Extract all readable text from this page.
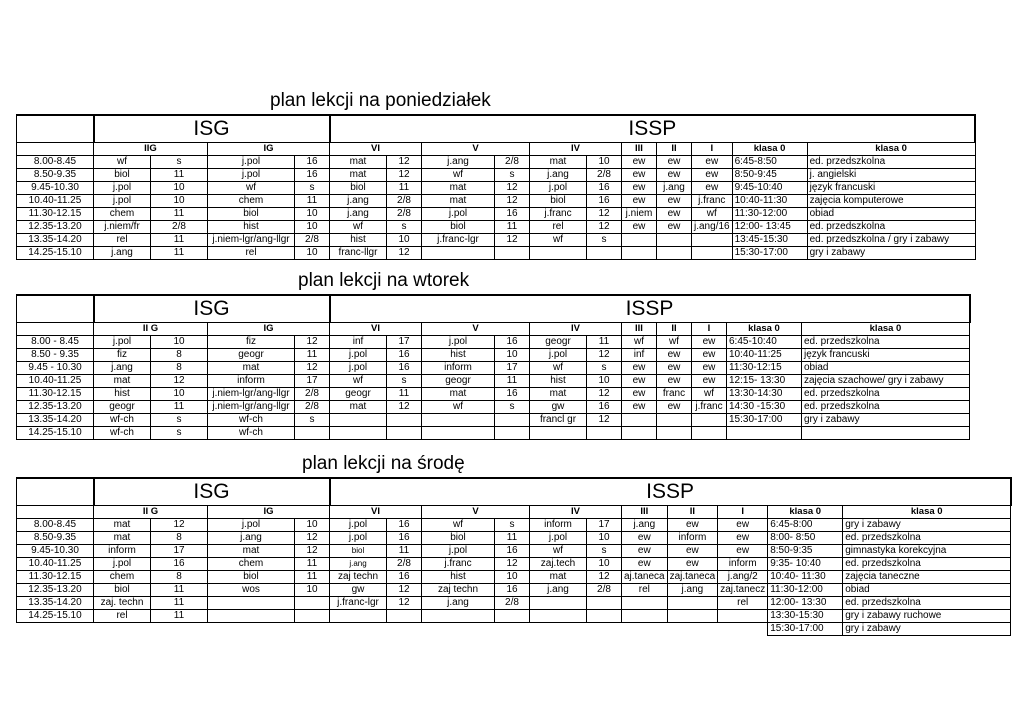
plan lekcji na poniedziałek
	ISG				ISSP										
	IIG		IG		VI		V		IV		III	II	I	klasa 0	klasa 0
8.00-8.45	wf	s	j.pol	16	mat	12	j.ang	2/8	mat	10	ew	ew	ew	6:45-8:50	ed. przedszkolna
8.50-9.35	biol	11	j.pol	16	mat	12	wf	s	j.ang	2/8	ew	ew	ew	8:50-9:45	j. angielski
9.45-10.30	j.pol	10	wf	s	biol	11	mat	12	j.pol	16	ew	j.ang	ew	9:45-10:40	język francuski
10.40-11.25	j.pol	10	chem	11	j.ang	2/8	mat	12	biol	16	ew	ew	j.franc	10:40-11:30	zajęcia komputerowe
11.30-12.15	chem	11	biol	10	j.ang	2/8	j.pol	16	j.franc	12	j.niem	ew	wf	11:30-12:00	obiad
12.35-13.20	j.niem/fr	2/8	hist	10	wf	s	biol	11	rel	12	ew	ew	j.ang/16	12:00- 13:45	ed. przedszkolna
13.35-14.20	rel	11	j.niem-lgr/ang-llgr	2/8	hist	10	j.franc-lgr	12	wf	s				13:45-15:30	ed. przedszkolna / gry i zabawy
14.25-15.10	j.ang	11	rel	10	franc-llgr	12								15:30-17:00	gry i zabawy
plan lekcji na wtorek
	ISG				ISSP										
	II G		IG		VI		V		IV		III	II	I	klasa 0	klasa 0
8.00 - 8.45	j.pol	10	fiz	12	inf	17	j.pol	16	geogr	11	wf	wf	ew	6:45-10:40	ed. przedszkolna
8.50 - 9.35	fiz	8	geogr	11	j.pol	16	hist	10	j.pol	12	inf	ew	ew	10:40-11:25	język francuski
9.45 - 10.30	j.ang	8	mat	12	j.pol	16	inform	17	wf	s	ew	ew	ew	11:30-12:15	obiad
10.40-11.25	mat	12	inform	17	wf	s	geogr	11	hist	10	ew	ew	ew	12:15- 13:30	zajęcia szachowe/ gry i zabawy
11.30-12.15	hist	10	j.niem-lgr/ang-llgr	2/8	geogr	11	mat	16	mat	12	ew	franc	wf	13:30-14:30	ed. przedszkolna
12.35-13.20	geogr	11	j.niem-lgr/ang-llgr	2/8	mat	12	wf	s	gw	16	ew	ew	j.franc	14:30 -15:30	ed. przedszkolna
13.35-14.20	wf-ch	s	wf-ch	s					francl gr	12				15:30-17:00	gry i zabawy
14.25-15.10	wf-ch	s	wf-ch												
plan lekcji na środę
	ISG				ISSP										
	II G		IG		VI		V		IV		III	II	I	klasa 0	klasa 0
8.00-8.45	mat	12	j.pol	10	j.pol	16	wf	s	inform	17	j.ang	ew	ew	6:45-8:00	gry i zabawy
8.50-9.35	mat	8	j.ang	12	j.pol	16	biol	11	j.pol	10	ew	inform	ew	8:00- 8:50	ed. przedszkolna
9.45-10.30	inform	17	mat	12	biol	11	j.pol	16	wf	s	ew	ew	ew	8:50-9:35	gimnastyka korekcyjna
10.40-11.25	j.pol	16	chem	11	j.ang	2/8	j.franc	12	zaj.tech	10	ew	ew	inform	9:35- 10:40	ed. przedszkolna
11.30-12.15	chem	8	biol	11	zaj techn	16	hist	10	mat	12	aj.taneca	zaj.taneca	j.ang/2	10:40- 11:30	zajęcia taneczne
12.35-13.20	biol	11	wos	10	gw	12	zaj techn	16	j.ang	2/8	rel	j.ang	zaj.tanecz	11:30-12:00	obiad
13.35-14.20	zaj. techn	11			j.franc-lgr	12	j.ang	2/8					rel	12:00- 13:30	ed. przedszkolna
14.25-15.10	rel	11												13:30-15:30	gry i zabawy ruchowe
														15:30-17:00	gry i zabawy
